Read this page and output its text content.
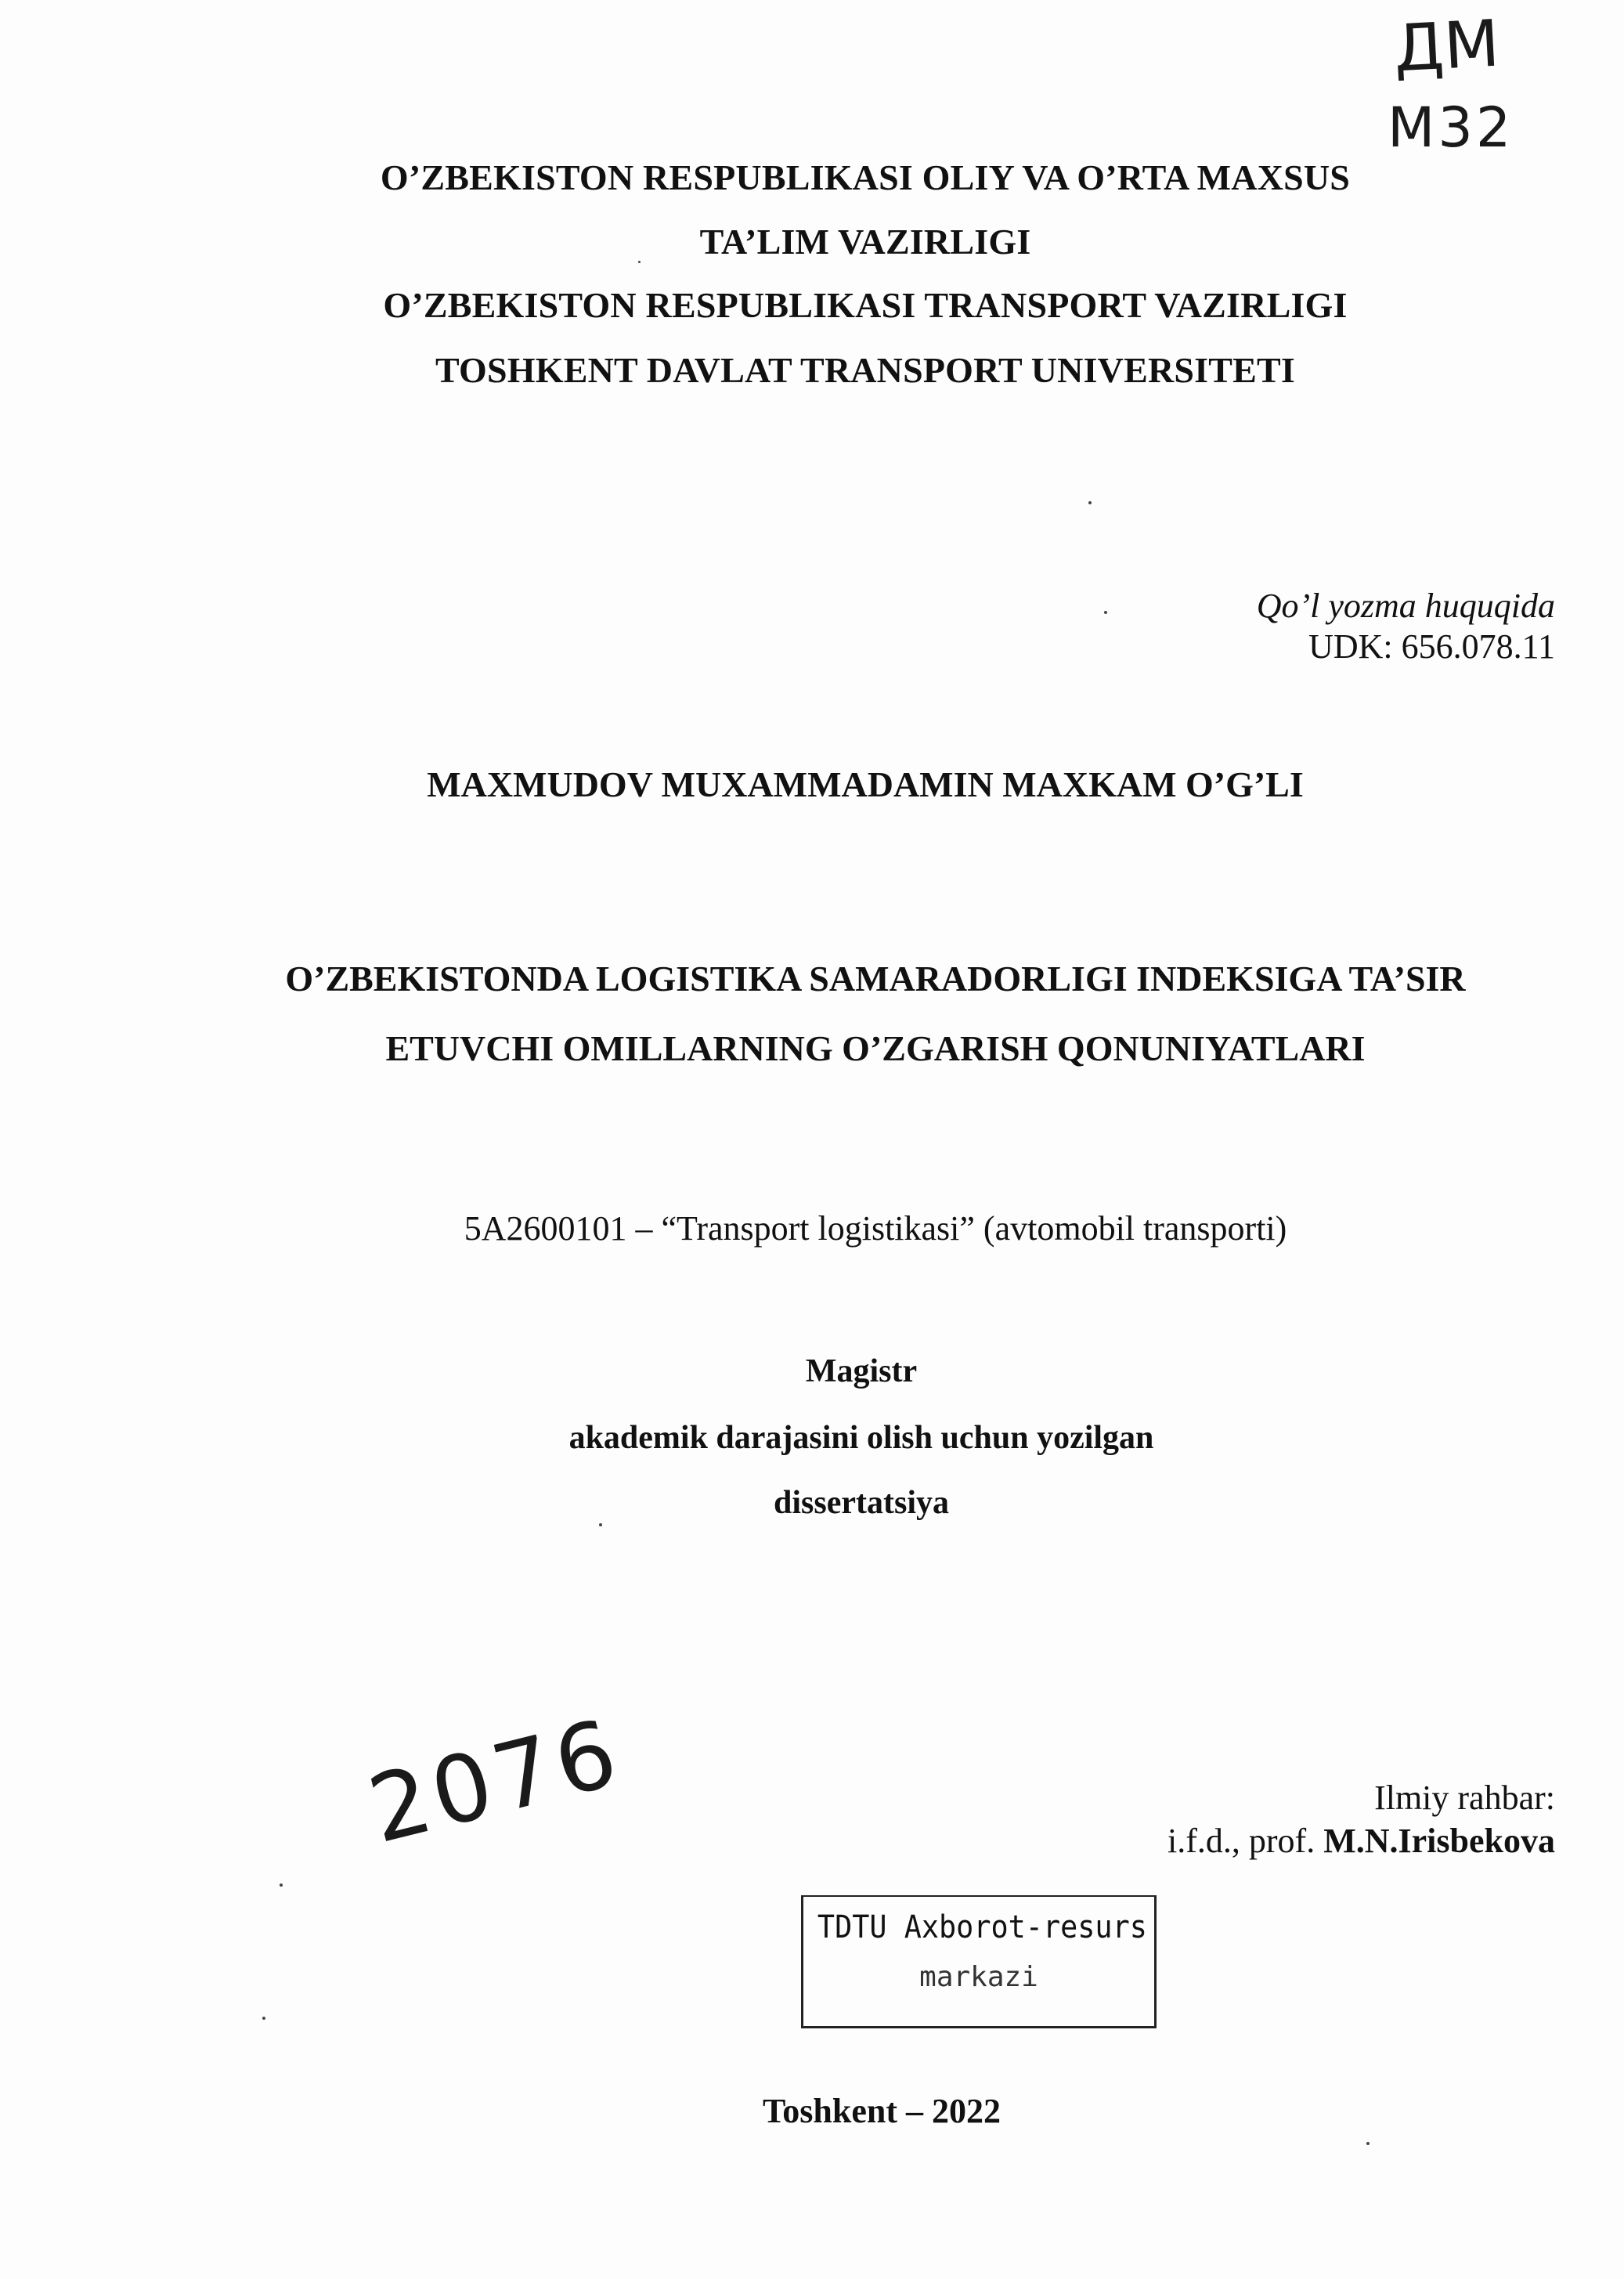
ДМ
M32
O’ZBEKISTON RESPUBLIKASI OLIY VA O’RTA MAXSUS
TA’LIM VAZIRLIGI
O’ZBEKISTON RESPUBLIKASI TRANSPORT VAZIRLIGI
TOSHKENT DAVLAT TRANSPORT UNIVERSITETI
Qo’l yozma huquqida
UDK: 656.078.11
MAXMUDOV MUXAMMADAMIN MAXKAM O’G’LI
O’ZBEKISTONDA LOGISTIKA SAMARADORLIGI INDEKSIGA TA’SIR
ETUVCHI OMILLARNING O’ZGARISH QONUNIYATLARI
5A2600101 – “Transport logistikasi” (avtomobil transporti)
Magistr
akademik darajasini olish uchun yozilgan
dissertatsiya
2076	Ilmiy rahbar:
i.f.d., prof. M.N.Irisbekova
TDTU Axborot-resurs
markazi
Toshkent – 2022
